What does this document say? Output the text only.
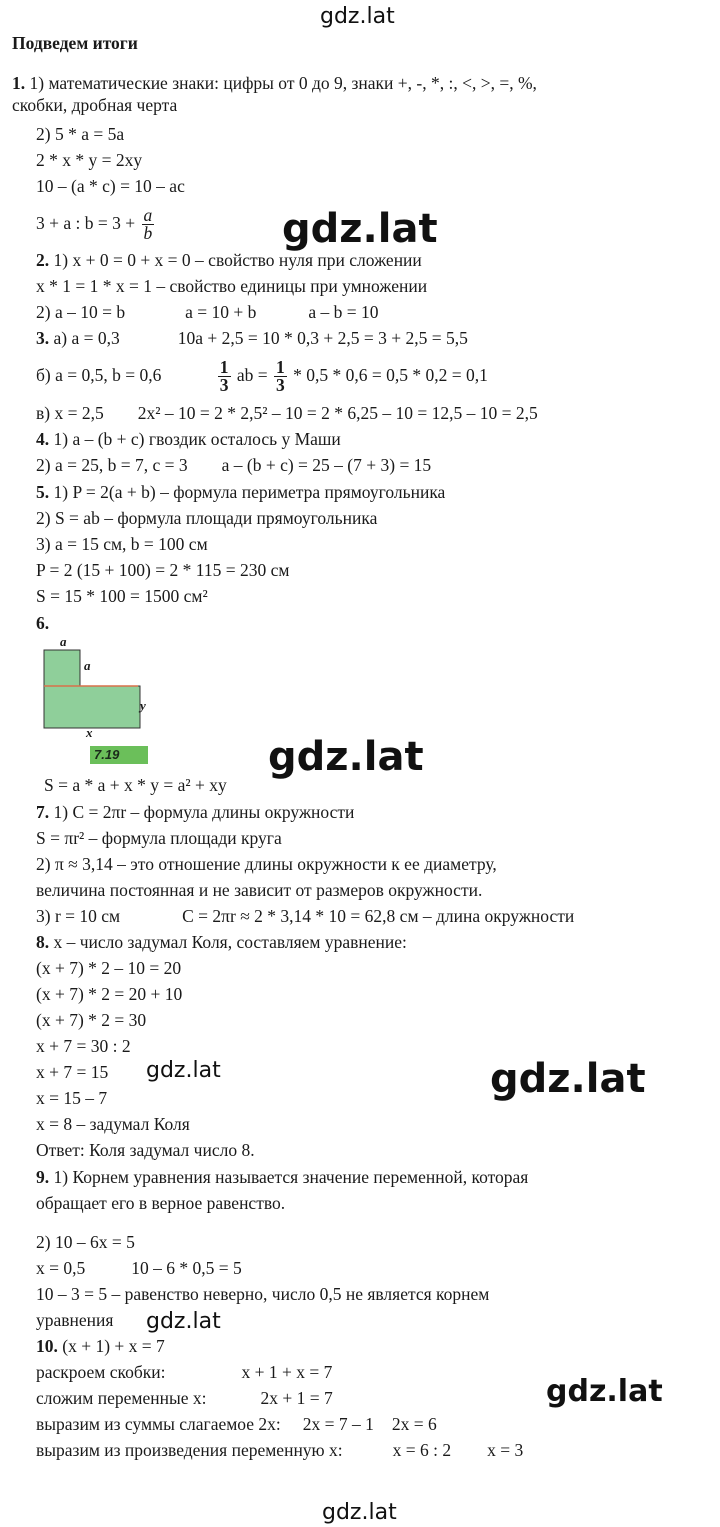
gdz.lat
gdz.lat
gdz.lat
gdz.lat	gdz.lat
gdz.lat
gdz.lat
gdz.lat
Подведем итоги
1. 1) математические знаки: цифры от 0 до 9, знаки +, -, *, :, <, >, =, %,
скобки, дробная черта
2) 5 * a = 5a
2 * x * y = 2xy
10 – (a * c) = 10 – ac
3 + a : $b = 3 + \frac{a}{b}$
2. 1) x + 0 = 0 + x = 0 – свойство нуля при сложении
x * 1 = 1 * x = 1 – свойство единицы при умножении
2) a – 10 = b	a = 10 + b	a – b = 10
3. а) a = 0,3	10a + 2,5 = 10 * 0,3 + 2,5 = 3 + 2,5 = 5,5
б) a = 0,5, b = 0,6	$\frac{1}{3}$ ab = $\frac{1}{3} * 0,5 * 0,6 = 0,5 * 0,2 = 0,1$
в) x = 2,5 2x² – 10 = 2 * 2,5² – 10 = 2 * 6,25 – 10 = 12,5 – 10 = 2,5
4. 1) a – (b + c) гвоздик осталось у Маши
2) a = 25, b = 7, c = 3 a – (b + c) = 25 – (7 + 3) = 15
5. 1) P = 2(a + b) – формула периметра прямоугольника
2) S = ab – формула площади прямоугольника
3) a = 15 см, b = 100 см
P = 2 (15 + 100) = 2 * 115 = 230 см
S = 15 * 100 = 1500 см²
6.
a
a
y
x
7.19
S = a * a + x * y = a² + xy
7. 1) C = 2πr – формула длины окружности
S = πr² – формула площади круга
2) π ≈ 3,14 – это отношение длины окружности к ее диаметру,
величина постоянная и не зависит от размеров окружности.
3) r = 10 см	C = 2πr ≈ 2 * 3,14 * 10 = 62,8 см – длина окружности
8. x – число задумал Коля, составляем уравнение:
(x + 7) * 2 – 10 = 20
(x + 7) * 2 = 20 + 10
(x + 7) * 2 = 30
x + 7 = 30 : 2
x + 7 = 15
x = 15 – 7
x = 8 – задумал Коля
Ответ: Коля задумал число 8.
9. 1) Корнем уравнения называется значение переменной, которая
обращает его в верное равенство.
2) 10 – 6x = 5
x = 0,5	10 – 6 * 0,5 = 5
10 – 3 = 5 – равенство неверно, число 0,5 не является корнем
уравнения
10. (x + 1) + x = 7
раскроем скобки:	x + 1 + x = 7
сложим переменные x:	2x + 1 = 7
выразим из суммы слагаемое 2x: 2x = 7 – 1 2x = 6
выразим из произведения переменную x:	x = 6 : 2 x = 3
